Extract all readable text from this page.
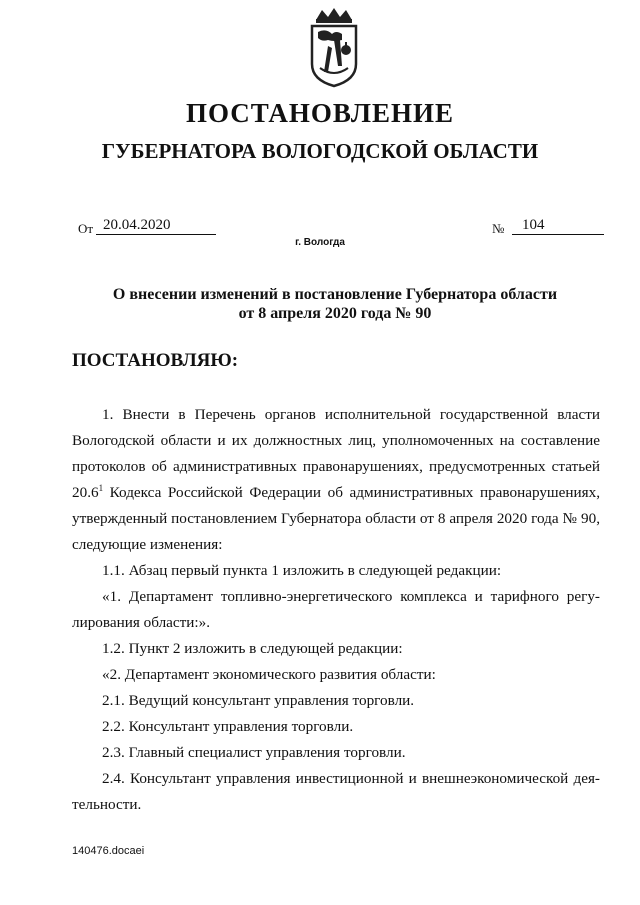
ПОСТАНОВЛЕНИЕ
ГУБЕРНАТОРА ВОЛОГОДСКОЙ ОБЛАСТИ
От 20.04.2020	№	104
г. Вологда
О внесении изменений в постановление Губернатора области
от 8 апреля 2020 года № 90
ПОСТАНОВЛЯЮ:

1. Внести в Перечень органов исполнительной государственной власти Вологодской области и их должностных лиц, уполномоченных на составление протоколов об административных правонарушениях, предусмотренных статьей 20.6$^1$ Кодекса Российской Федерации об административных правонарушениях, утвержденный постановлением Губернатора области от 8 апреля 2020 года № 90, следующие изменения:

1.1. Абзац первый пункта 1 изложить в следующей редакции:

«1. Департамент топливно-энергетического комплекса и тарифного регу-лирования области:».

1.2. Пункт 2 изложить в следующей редакции:

«2. Департамент экономического развития области:

2.1. Ведущий консультант управления торговли.

2.2. Консультант управления торговли.

2.3. Главный специалист управления торговли.

2.4. Консультант управления инвестиционной и внешнеэкономической дея-тельности.

140476.docaei
